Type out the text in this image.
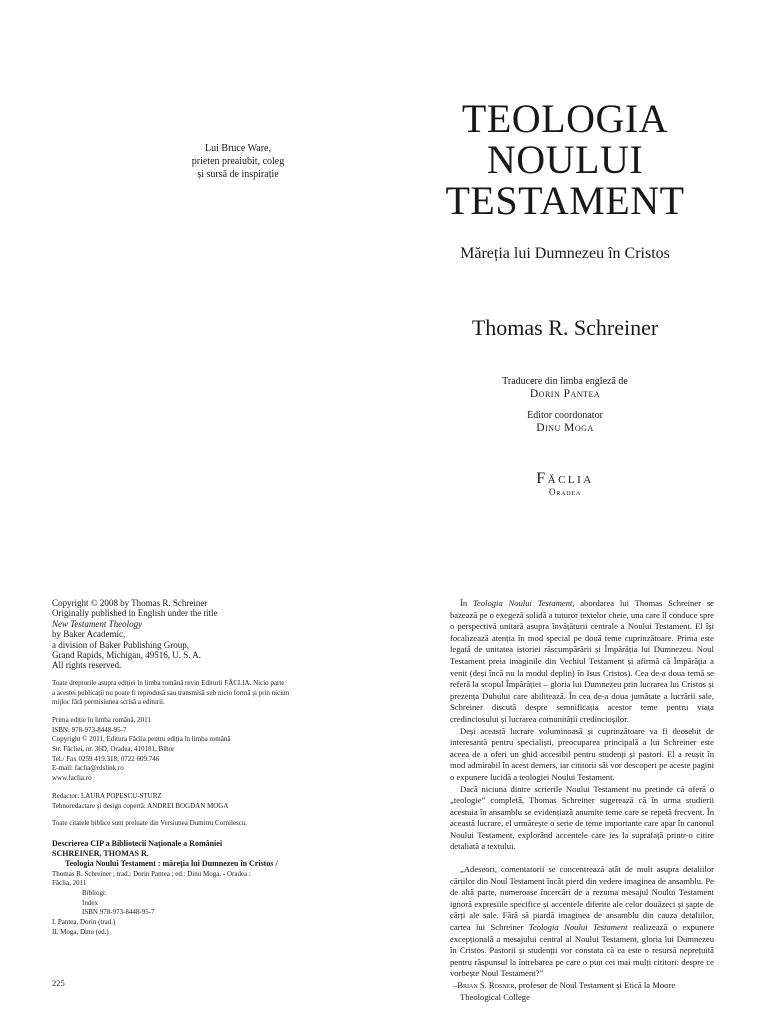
Lui Bruce Ware,
prieten preaiubit, coleg
și sursă de inspirație
TEOLOGIA
NOULUI
TESTAMENT
Măreția lui Dumnezeu în Cristos
Thomas R. Schreiner
Traducere din limba engleză de
Dorin Pantea
Editor coordonator
Dinu Moga
Făclia
Oradea
Copyright © 2008 by Thomas R. Schreiner
Originally published in English under the title
New Testament Theology
by Baker Academic,
a division of Baker Publishing Group,
Grand Rapids, Michigan, 49516, U. S. A.
All rights reserved.
Toate drepturile asupra ediției în limba română revin Editurii FĂCLIA. Nicio parte
a acestei publicații nu poate fi reprodusă sau transmisă sub nicio formă și prin niciun
mijloc fără permisiunea scrisă a editurii.
Prima ediție în limba română, 2011
ISBN: 978-973-8448-95-7
Copyright © 2011, Editura Făclia pentru ediția în limba română
Str. Făcliei, nr. 36D, Oradea, 410181, Bihor
Tel./ Fax 0259 419.318; 0722 609.746
E-mail: faclia@rdslink.ro
www.faclia.ro
Redactor: LAURA POPESCU-STURZ
Tehnoredactare și design copertă: ANDREI BOGDAN MOGA
Toate citatele biblice sunt preluate din Versiunea Dumitru Cornilescu.
Descrierea CIP a Bibliotecii Naționale a României
SCHREINER, THOMAS R.
Teologia Noului Testament : măreția lui Dumnezeu în Cristos /
Thomas R. Schreiner ; trad.: Dorin Pantea ; ed.: Dinu Moga. - Oradea :
Făclia, 2011
Bibliogr.
Index
ISBN 978-973-8448-95-7
I. Pantea, Dorin (trad.)
II. Moga, Dinu (ed.)
225

În Teologia Noului Testament, abordarea lui Thomas Schreiner se bazează pe o exegeză solidă a tuturor textelor cheie, una care îl conduce spre o perspectivă unitară asupra învățăturii centrale a Noului Testament. El își focalizează atenția în mod special pe două teme cuprinzătoare. Prima este legată de unitatea istoriei răscumpărării și Împărăția lui Dumnezeu. Noul Testament preia imaginile din Vechiul Testament și afirmă că Împărăția a venit (deși încă nu la modul deplin) în Isus Cristos). Cea de-a doua temă se referă la scopul Împărăției – gloria lui Dumnezeu prin lucrarea lui Cristos și prezența Duhului care abilitează. În cea de-a doua jumătate a lucrării sale, Schreiner discută despre semnificația acestor teme pentru viața credinciosului și lucrarea comunității credincioșilor.

Deși această lucrare voluminoasă și cuprinzătoare va fi deosebit de interesantă pentru specialiști, preocuparea principală a lui Schreiner este aceea de a oferi un ghid accesibil pentru studenți și pastori. El a reușit în mod admirabil în acest demers, iar cititorii săi vor descoperi pe aceste pagini o expunere lucidă a teologiei Noului Testament.

Dacă niciuna dintre scrierile Noului Testament nu pretinde că oferă o „teologie” completă, Thomas Schreiner sugerează că în urma studierii acestuia în ansamblu se evidențiază anumite teme care se repetă frecvent. În această lucrare, el urmărește o serie de teme importante care apar în canonul Noului Testament, explorând accentele care ies la suprafață printr-o citire detaliată a textului.

„Adeseori, comentatorii se concentrează atât de mult asupra detaliilor cărților din Noul Testament încât pierd din vedere imaginea de ansamblu. Pe de altă parte, numeroase încercări de a rezuma mesajul Noului Testament ignoră expresiile specifice și accentele diferite ale celor douăzeci și șapte de cărți ale sale. Fără să piardă imaginea de ansamblu din cauza detaliilor, cartea lui Schreiner Teologia Noului Testament realizează o expunere excepțională a mesajului central al Noului Testament, gloria lui Dumnezeu în Cristos. Pastorii și studenții vor constata că ea este o resursă neprețuită pentru răspunsul la întrebarea pe care o pun cei mai mulți cititori: despre ce vorbește Noul Testament?”

–Brian S. Rosner, profesor de Noul Testament și Etică la Moore
Theological College
